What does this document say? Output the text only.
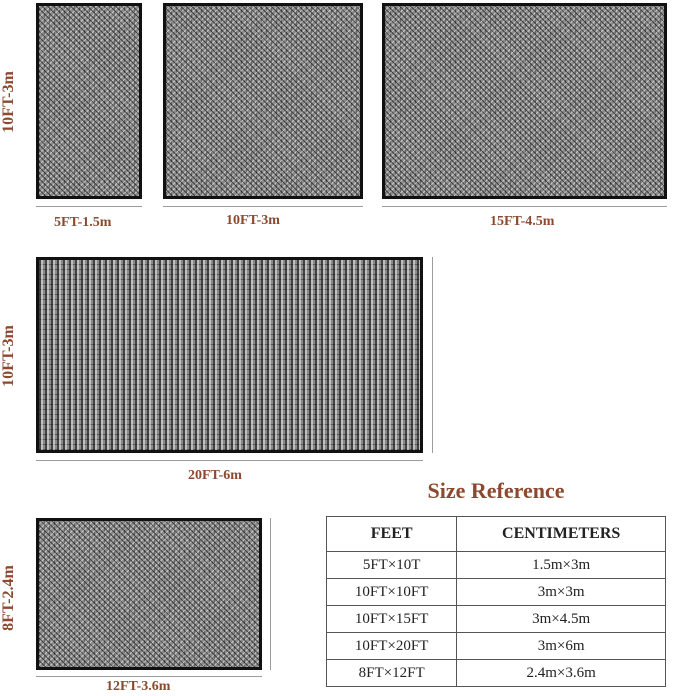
10FT-3m
5FT-1.5m	10FT-3m	15FT-4.5m
10FT-3m
20FT-6m
8FT-2.4m
12FT-3.6m
Size Reference
FEET	CENTIMETERS
5FT×10T	1.5m×3m
10FT×10FT	3m×3m
10FT×15FT	3m×4.5m
10FT×20FT	3m×6m
8FT×12FT	2.4m×3.6m
